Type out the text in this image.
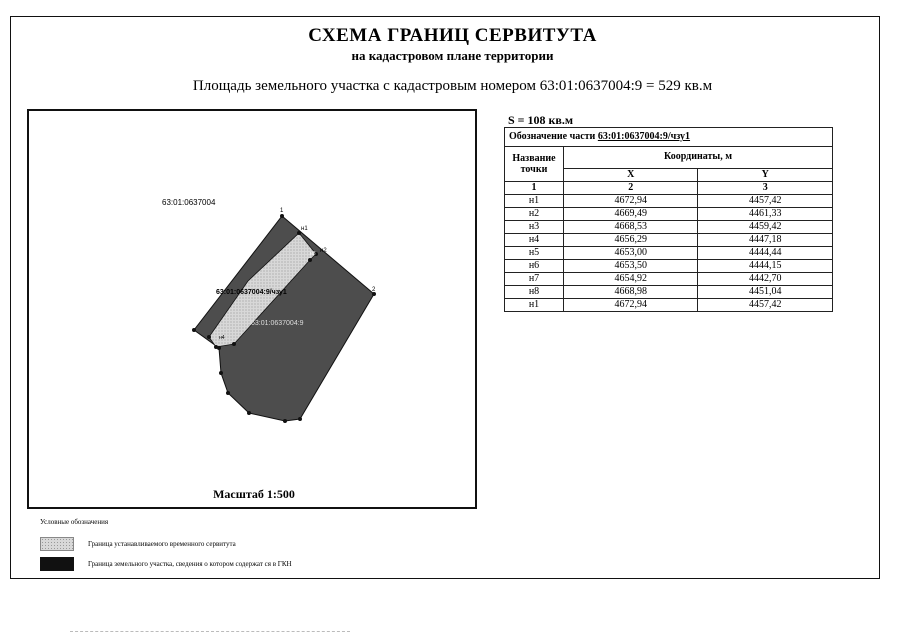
СХЕМА ГРАНИЦ СЕРВИТУТА
на кадастровом плане территории
Площадь земельного участка с кадастровым номером 63:01:0637004:9 = 529 кв.м
63:01:0637004
63:01:0637004:9/чзу1
63:01:0637004:9
1
2
н1
н2
н3
н4
Масштаб 1:500
S = 108 кв.м
Обозначение части 63:01:0637004:9/чзу1		
Название точки	Координаты, м	
	X	Y
1	2	3
н1	4672,94	4457,42
н2	4669,49	4461,33
н3	4668,53	4459,42
н4	4656,29	4447,18
н5	4653,00	4444,44
н6	4653,50	4444,15
н7	4654,92	4442,70
н8	4668,98	4451,04
н1	4672,94	4457,42
Условные обозначения
Граница устанавливаемого временного сервитута
Граница земельного участка, сведения о котором содержат ся в ГКН
